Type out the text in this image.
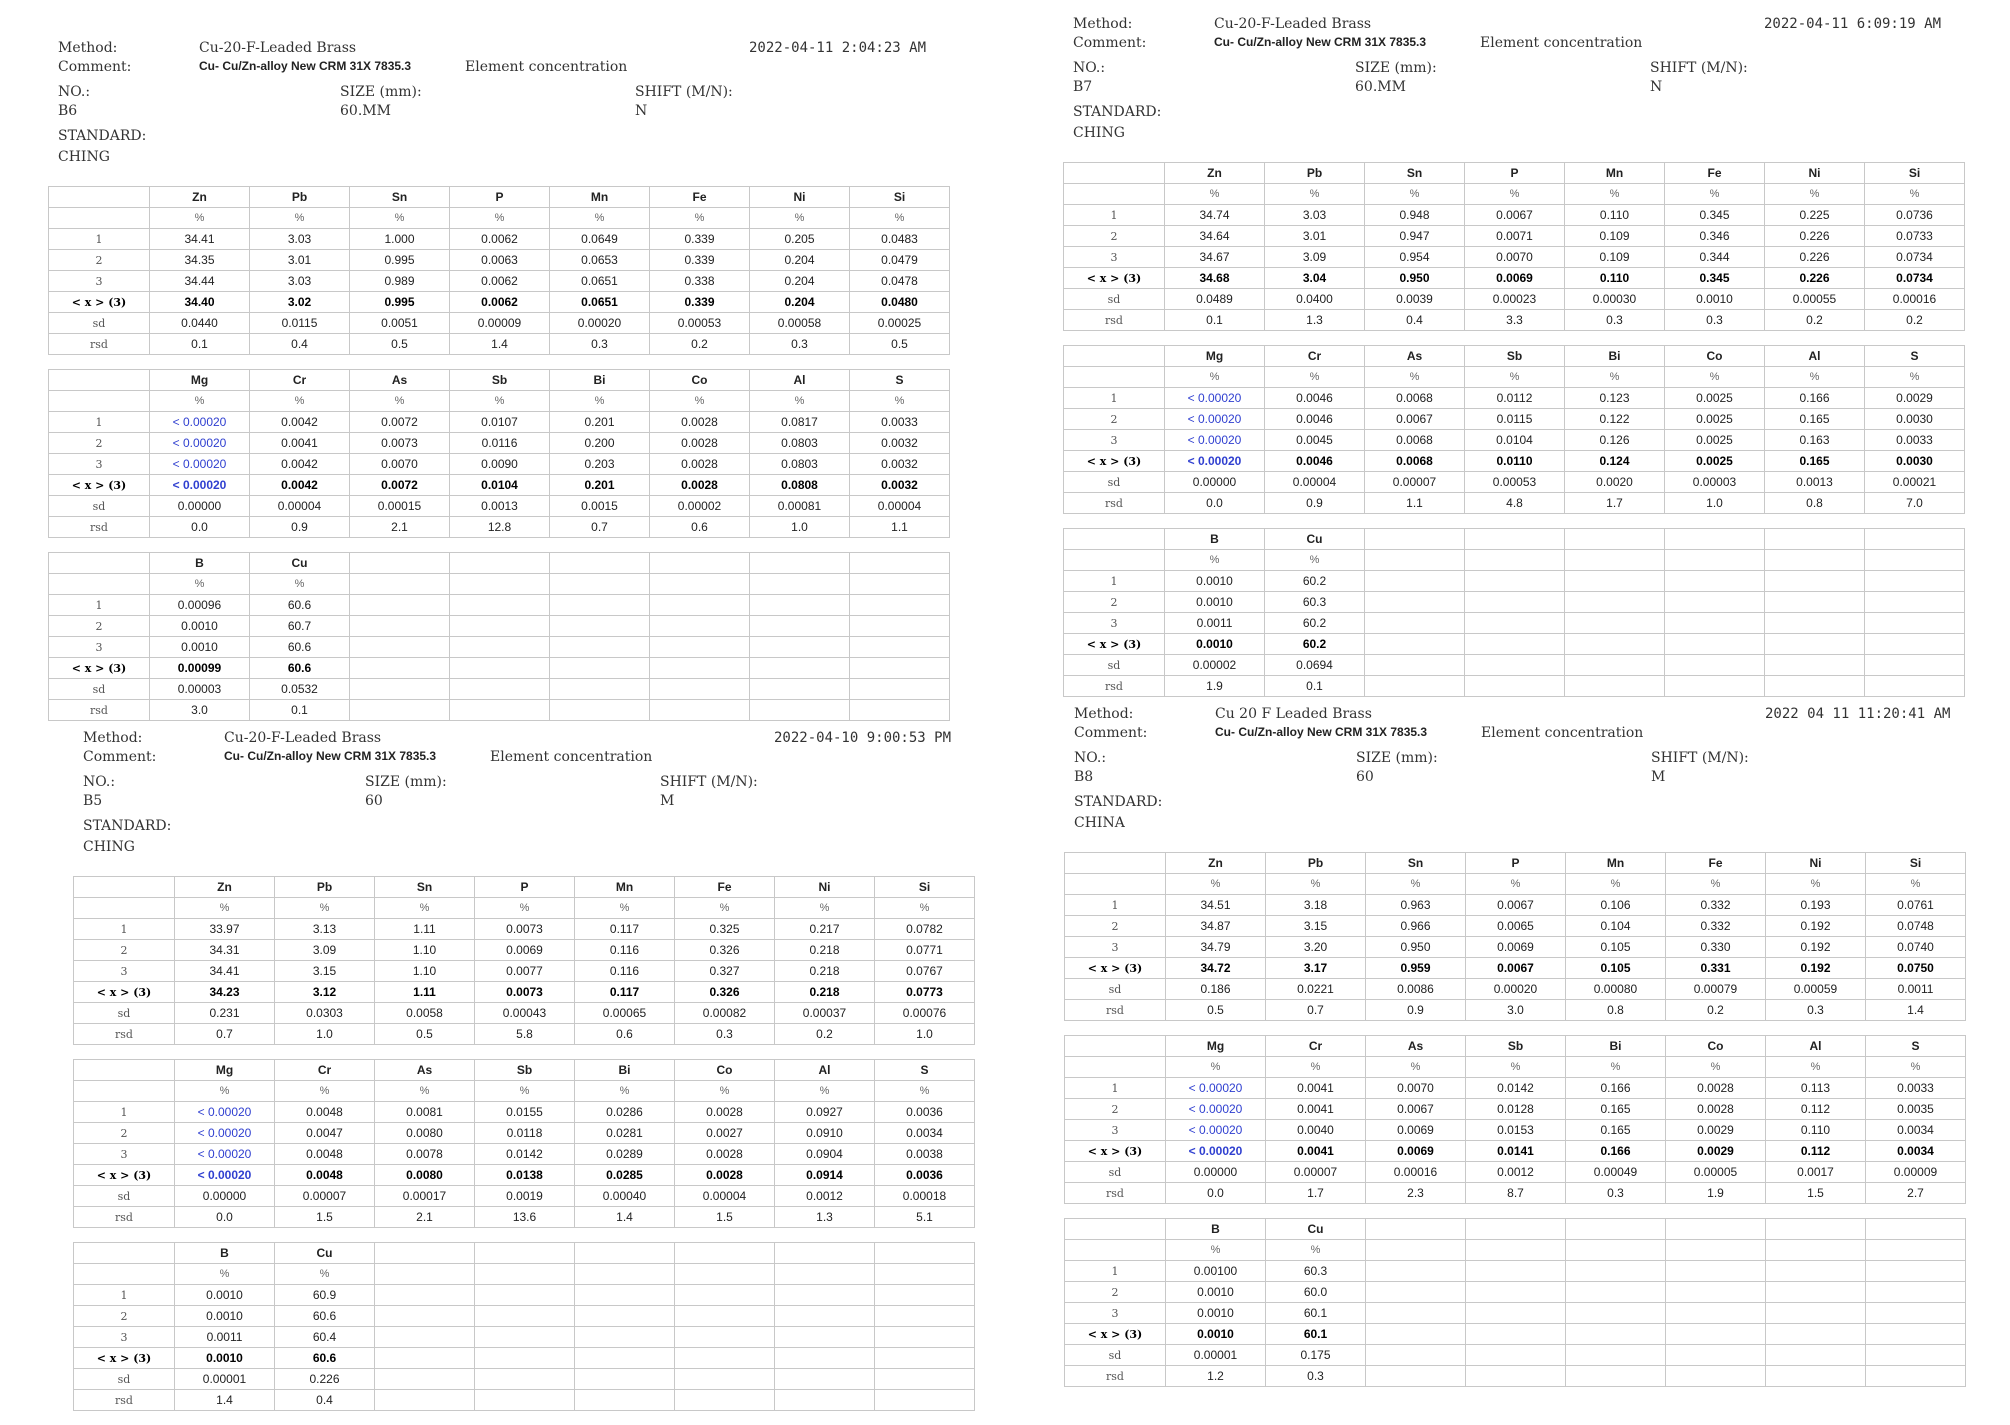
Method:	Cu-20-F-Leaded Brass	2022-04-11 2:04:23 AM
Comment:	Cu- Cu/Zn-alloy New CRM 31X 7835.3	Element concentration
NO.:	SIZE (mm):	SHIFT (M/N):
B6	60.MM	N
STANDARD:
CHING
	Zn	Pb	Sn	P	Mn	Fe	Ni	Si
	%	%	%	%	%	%	%	%
1	34.41	3.03	1.000	0.0062	0.0649	0.339	0.205	0.0483
2	34.35	3.01	0.995	0.0063	0.0653	0.339	0.204	0.0479
3	34.44	3.03	0.989	0.0062	0.0651	0.338	0.204	0.0478
< x > (3)	34.40	3.02	0.995	0.0062	0.0651	0.339	0.204	0.0480
sd	0.0440	0.0115	0.0051	0.00009	0.00020	0.00053	0.00058	0.00025
rsd	0.1	0.4	0.5	1.4	0.3	0.2	0.3	0.5
	Mg	Cr	As	Sb	Bi	Co	Al	S
	%	%	%	%	%	%	%	%
1	< 0.00020	0.0042	0.0072	0.0107	0.201	0.0028	0.0817	0.0033
2	< 0.00020	0.0041	0.0073	0.0116	0.200	0.0028	0.0803	0.0032
3	< 0.00020	0.0042	0.0070	0.0090	0.203	0.0028	0.0803	0.0032
< x > (3)	< 0.00020	0.0042	0.0072	0.0104	0.201	0.0028	0.0808	0.0032
sd	0.00000	0.00004	0.00015	0.0013	0.0015	0.00002	0.00081	0.00004
rsd	0.0	0.9	2.1	12.8	0.7	0.6	1.0	1.1
	B	Cu						
	%	%						
1	0.00096	60.6						
2	0.0010	60.7						
3	0.0010	60.6						
< x > (3)	0.00099	60.6						
sd	0.00003	0.0532						
rsd	3.0	0.1						
Method:	Cu-20-F-Leaded Brass	2022-04-11 6:09:19 AM
Comment:	Cu- Cu/Zn-alloy New CRM 31X 7835.3	Element concentration
NO.:	SIZE (mm):	SHIFT (M/N):
B7	60.MM	N
STANDARD:
CHING
	Zn	Pb	Sn	P	Mn	Fe	Ni	Si
	%	%	%	%	%	%	%	%
1	34.74	3.03	0.948	0.0067	0.110	0.345	0.225	0.0736
2	34.64	3.01	0.947	0.0071	0.109	0.346	0.226	0.0733
3	34.67	3.09	0.954	0.0070	0.109	0.344	0.226	0.0734
< x > (3)	34.68	3.04	0.950	0.0069	0.110	0.345	0.226	0.0734
sd	0.0489	0.0400	0.0039	0.00023	0.00030	0.0010	0.00055	0.00016
rsd	0.1	1.3	0.4	3.3	0.3	0.3	0.2	0.2
	Mg	Cr	As	Sb	Bi	Co	Al	S
	%	%	%	%	%	%	%	%
1	< 0.00020	0.0046	0.0068	0.0112	0.123	0.0025	0.166	0.0029
2	< 0.00020	0.0046	0.0067	0.0115	0.122	0.0025	0.165	0.0030
3	< 0.00020	0.0045	0.0068	0.0104	0.126	0.0025	0.163	0.0033
< x > (3)	< 0.00020	0.0046	0.0068	0.0110	0.124	0.0025	0.165	0.0030
sd	0.00000	0.00004	0.00007	0.00053	0.0020	0.00003	0.0013	0.00021
rsd	0.0	0.9	1.1	4.8	1.7	1.0	0.8	7.0
	B	Cu						
	%	%						
1	0.0010	60.2						
2	0.0010	60.3						
3	0.0011	60.2						
< x > (3)	0.0010	60.2						
sd	0.00002	0.0694						
rsd	1.9	0.1						
Method:	Cu-20-F-Leaded Brass	2022-04-10 9:00:53 PM
Comment:	Cu- Cu/Zn-alloy New CRM 31X 7835.3	Element concentration
NO.:	SIZE (mm):	SHIFT (M/N):
B5	60	M
STANDARD:
CHING
	Zn	Pb	Sn	P	Mn	Fe	Ni	Si
	%	%	%	%	%	%	%	%
1	33.97	3.13	1.11	0.0073	0.117	0.325	0.217	0.0782
2	34.31	3.09	1.10	0.0069	0.116	0.326	0.218	0.0771
3	34.41	3.15	1.10	0.0077	0.116	0.327	0.218	0.0767
< x > (3)	34.23	3.12	1.11	0.0073	0.117	0.326	0.218	0.0773
sd	0.231	0.0303	0.0058	0.00043	0.00065	0.00082	0.00037	0.00076
rsd	0.7	1.0	0.5	5.8	0.6	0.3	0.2	1.0
	Mg	Cr	As	Sb	Bi	Co	Al	S
	%	%	%	%	%	%	%	%
1	< 0.00020	0.0048	0.0081	0.0155	0.0286	0.0028	0.0927	0.0036
2	< 0.00020	0.0047	0.0080	0.0118	0.0281	0.0027	0.0910	0.0034
3	< 0.00020	0.0048	0.0078	0.0142	0.0289	0.0028	0.0904	0.0038
< x > (3)	< 0.00020	0.0048	0.0080	0.0138	0.0285	0.0028	0.0914	0.0036
sd	0.00000	0.00007	0.00017	0.0019	0.00040	0.00004	0.0012	0.00018
rsd	0.0	1.5	2.1	13.6	1.4	1.5	1.3	5.1
	B	Cu						
	%	%						
1	0.0010	60.9						
2	0.0010	60.6						
3	0.0011	60.4						
< x > (3)	0.0010	60.6						
sd	0.00001	0.226						
rsd	1.4	0.4						
Method:	Cu 20 F Leaded Brass	2022 04 11 11:20:41 AM
Comment:	Cu- Cu/Zn-alloy New CRM 31X 7835.3	Element concentration
NO.:	SIZE (mm):	SHIFT (M/N):
B8	60	M
STANDARD:
CHINA
	Zn	Pb	Sn	P	Mn	Fe	Ni	Si
	%	%	%	%	%	%	%	%
1	34.51	3.18	0.963	0.0067	0.106	0.332	0.193	0.0761
2	34.87	3.15	0.966	0.0065	0.104	0.332	0.192	0.0748
3	34.79	3.20	0.950	0.0069	0.105	0.330	0.192	0.0740
< x > (3)	34.72	3.17	0.959	0.0067	0.105	0.331	0.192	0.0750
sd	0.186	0.0221	0.0086	0.00020	0.00080	0.00079	0.00059	0.0011
rsd	0.5	0.7	0.9	3.0	0.8	0.2	0.3	1.4
	Mg	Cr	As	Sb	Bi	Co	Al	S
	%	%	%	%	%	%	%	%
1	< 0.00020	0.0041	0.0070	0.0142	0.166	0.0028	0.113	0.0033
2	< 0.00020	0.0041	0.0067	0.0128	0.165	0.0028	0.112	0.0035
3	< 0.00020	0.0040	0.0069	0.0153	0.165	0.0029	0.110	0.0034
< x > (3)	< 0.00020	0.0041	0.0069	0.0141	0.166	0.0029	0.112	0.0034
sd	0.00000	0.00007	0.00016	0.0012	0.00049	0.00005	0.0017	0.00009
rsd	0.0	1.7	2.3	8.7	0.3	1.9	1.5	2.7
	B	Cu						
	%	%						
1	0.00100	60.3						
2	0.0010	60.0						
3	0.0010	60.1						
< x > (3)	0.0010	60.1						
sd	0.00001	0.175						
rsd	1.2	0.3						
